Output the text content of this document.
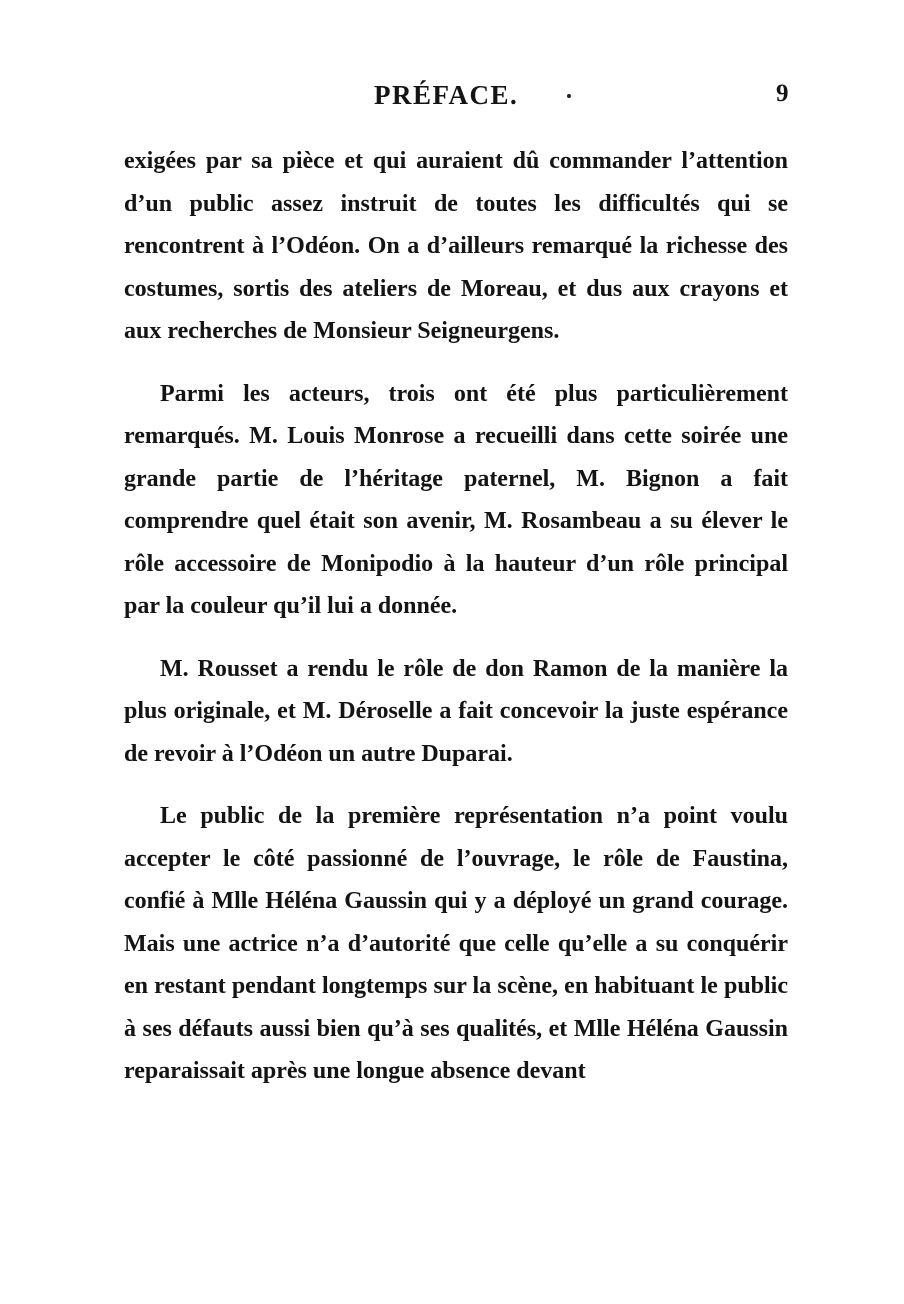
PRÉFACE.	9

exigées par sa pièce et qui auraient dû commander l’attention d’un public assez instruit de toutes les difficultés qui se rencontrent à l’Odéon. On a d’ailleurs remarqué la richesse des costumes, sortis des ateliers de Moreau, et dus aux crayons et aux recherches de Monsieur Seigneurgens.

Parmi les acteurs, trois ont été plus particulièrement remarqués. M. Louis Monrose a recueilli dans cette soirée une grande partie de l’héritage paternel, M. Bignon a fait comprendre quel était son avenir, M. Rosambeau a su élever le rôle accessoire de Monipodio à la hauteur d’un rôle principal par la couleur qu’il lui a donnée.

M. Rousset a rendu le rôle de don Ramon de la manière la plus originale, et M. Déroselle a fait concevoir la juste espérance de revoir à l’Odéon un autre Duparai.

Le public de la première représentation n’a point voulu accepter le côté passionné de l’ouvrage, le rôle de Faustina, confié à Mlle Héléna Gaussin qui y a déployé un grand courage. Mais une actrice n’a d’autorité que celle qu’elle a su conquérir en restant pendant longtemps sur la scène, en habituant le public à ses défauts aussi bien qu’à ses qualités, et Mlle Héléna Gaussin reparaissait après une longue absence devant
